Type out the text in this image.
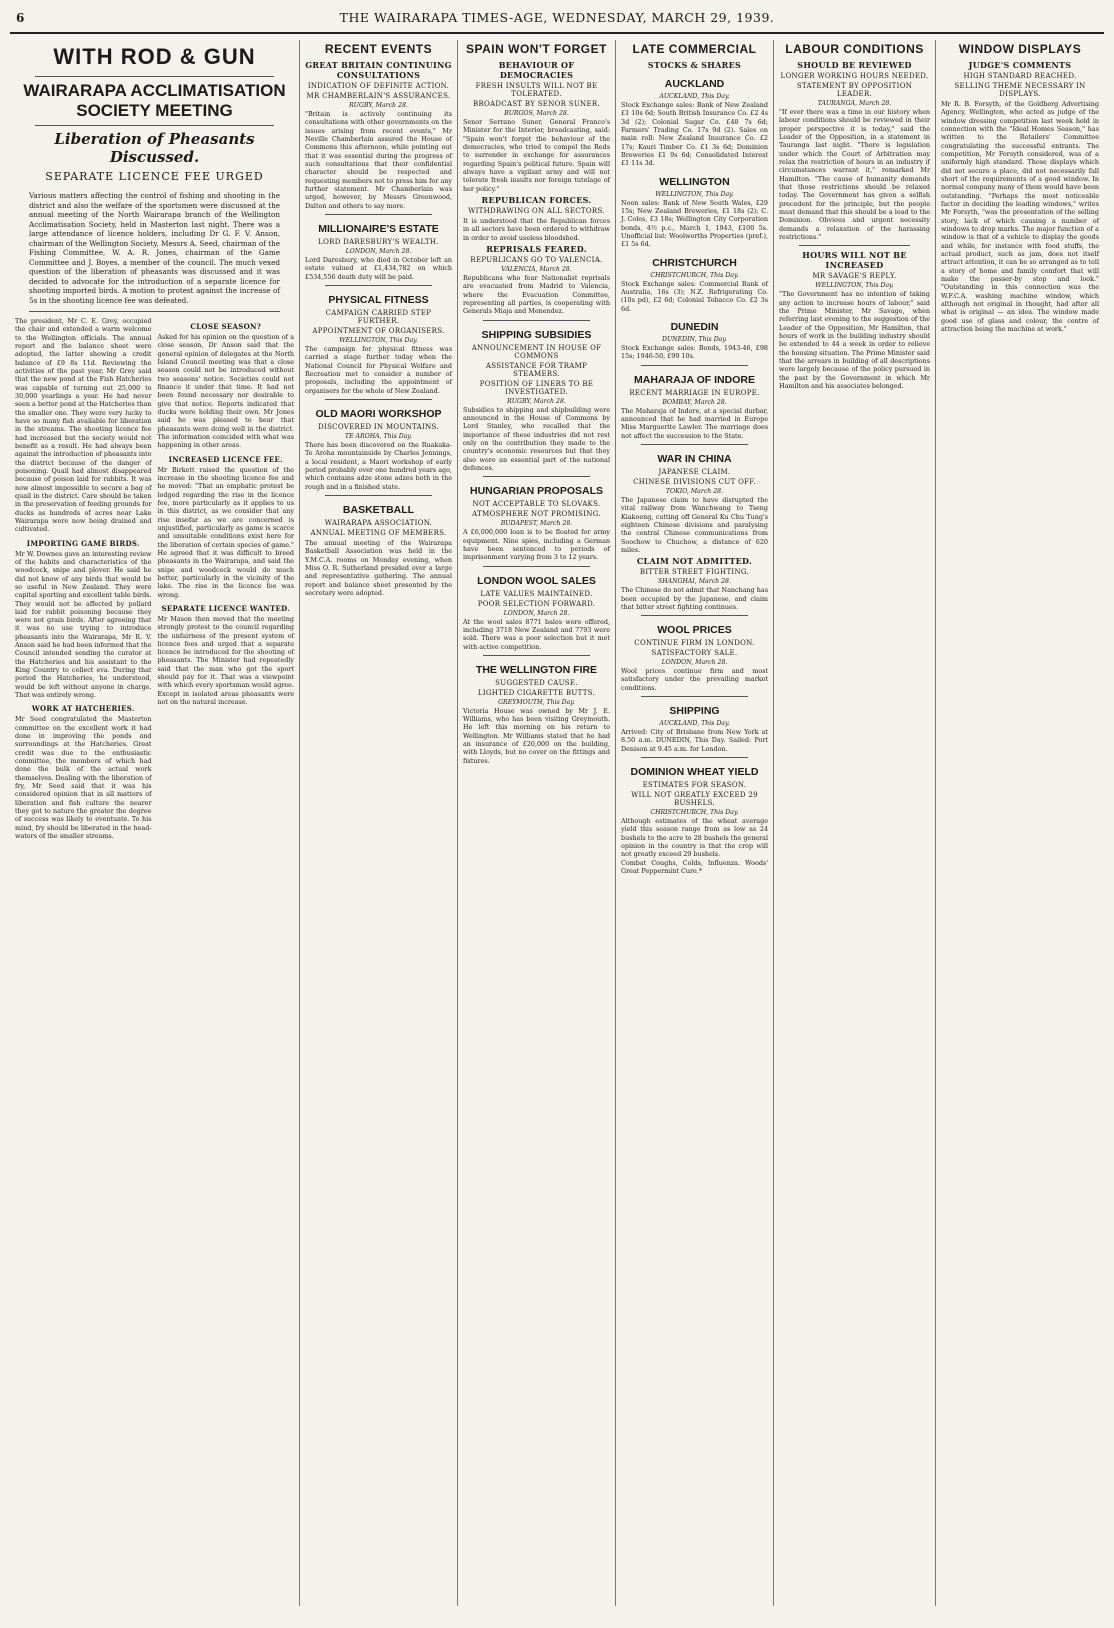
6	THE WAIRARAPA TIMES-AGE, WEDNESDAY, MARCH 29, 1939.
WITH ROD & GUN
WAIRARAPA ACCLIMATISATION SOCIETY MEETING
Liberation of Pheasants Discussed.
SEPARATE LICENCE FEE URGED

Various matters affecting the control of fishing and shooting in the district and also the welfare of the sportsmen were discussed at the annual meeting of the North Wairarapa branch of the Wellington Acclimatisation Society, held in Masterton last night. There was a large attendance of licence holders, including Dr G. F. V. Anson, chairman of the Wellington Society, Messrs A. Seed, chairman of the Fishing Committee, W. A. R. Jones, chairman of the Game Committee and J. Boyes, a member of the council. The much vexed question of the liberation of pheasants was discussed and it was decided to advocate for the introduction of a separate licence for shooting imported birds. A motion to protest against the increase of 5s in the shooting licence fee was defeated.

The president, Mr C. E. Grey, occupied the chair and extended a warm welcome to the Wellington officials. The annual report and the balance sheet were adopted, the latter showing a credit balance of £9 8s 11d. Reviewing the activities of the past year, Mr Grey said that the new pond at the Fish Hatcheries was capable of turning out 25,000 to 30,000 yearlings a year. He had never seen a better pond at the Hatcheries than the smaller one. They were very lucky to have so many fish available for liberation in the streams. The shooting licence fee had increased but the society would not benefit as a result. He had always been against the introduction of pheasants into the district because of the danger of poisoning. Quail had almost disappeared because of poison laid for rabbits. It was now almost impossible to secure a bag of quail in the district. Care should be taken in the preservation of feeding grounds for ducks as hundreds of acres near Lake Wairarapa were now being drained and cultivated.

IMPORTING GAME BIRDS.

Mr W. Downes gave an interesting review of the habits and characteristics of the woodcock, snipe and plover. He said he did not know of any birds that would be so useful in New Zealand. They were capital sporting and excellent table birds. They would not be affected by pollard laid for rabbit poisoning because they were not grain birds. After agreeing that it was no use trying to introduce pheasants into the Wairarapa, Mr R. V. Anson said he had been informed that the Council intended sending the curator at the Hatcheries and his assistant to the King Country to collect eva. During that period the Hatcheries, he understood, would be left without anyone in charge. That was entirely wrong.

WORK AT HATCHERIES.

Mr Seed congratulated the Masterton committee on the excellent work it had done in improving the ponds and surroundings at the Hatcheries. Great credit was due to the enthusiastic committee, the members of which had done the bulk of the actual work themselves. Dealing with the liberation of fry, Mr Seed said that it was his considered opinion that in all matters of liberation and fish culture the nearer they got to nature the greater the degree of success was likely to eventuate. To his mind, fry should be liberated in the head-waters of the smaller streams.

CLOSE SEASON?

Asked for his opinion on the question of a close season, Dr Anson said that the general opinion of delegates at the North Island Council meeting was that a close season could not be introduced without two seasons' notice. Societies could not finance it under that time. It had not been found necessary nor desirable to give that notice. Reports indicated that ducks were holding their own. Mr Jones said he was pleased to hear that pheasants were doing well in the district. The information coincided with what was happening in other areas.

INCREASED LICENCE FEE.

Mr Birkett raised the question of the increase in the shooting licence fee and he moved: "That an emphatic protest be lodged regarding the rise in the licence fee, more particularly as it applies to us in this district, as we consider that any rise insofar as we are concerned is unjustified, particularly as game is scarce and unsuitable conditions exist here for the liberation of certain species of game." He agreed that it was difficult to breed pheasants in the Wairarapa, and said the snipe and woodcock would do much better, particularly in the vicinity of the lake. The rise in the licence fee was wrong.

SEPARATE LICENCE WANTED.

Mr Mason then moved that the meeting strongly protest to the council regarding the unfairness of the present system of licence fees and urged that a separate licence be introduced for the shooting of pheasants. The Minister had repeatedly said that the man who got the sport should pay for it. That was a viewpoint with which every sportsman would agree. Except in isolated areas pheasants were not on the natural increase.

RECENT EVENTS
GREAT BRITAIN CONTINUING CONSULTATIONS
INDICATION OF DEFINITE ACTION.
MR CHAMBERLAIN'S ASSURANCES.
RUGBY, March 28.

"Britain is actively continuing its consultations with other governments on the issues arising from recent events," Mr Neville Chamberlain assured the House of Commons this afternoon, while pointing out that it was essential during the progress of such consultations that their confidential character should be respected and requesting members not to press him for any further statement. Mr Chamberlain was urged, however, by Messrs Greenwood, Dalton and others to say more.

MILLIONAIRE'S ESTATE
LORD DARESBURY'S WEALTH.
LONDON, March 28.

Lord Daresbury, who died in October left an estate valued at £1,434,782 on which £534,556 death duty will be paid.

PHYSICAL FITNESS
CAMPAIGN CARRIED STEP FURTHER.
APPOINTMENT OF ORGANISERS.
WELLINGTON, This Day.

The campaign for physical fitness was carried a stage further today when the National Council for Physical Welfare and Recreation met to consider a number of proposals, including the appointment of organisers for the whole of New Zealand.

OLD MAORI WORKSHOP
DISCOVERED IN MOUNTAINS.
TE AROHA, This Day.

There has been discovered on the Ruakaka-Te Aroha mountainside by Charles Jennings, a local resident, a Maori workshop of early period probably over one hundred years ago, which contains adze stone adzes both in the rough and in a finished state.

BASKETBALL
WAIRARAPA ASSOCIATION.
ANNUAL MEETING OF MEMBERS.

The annual meeting of the Wairarapa Basketball Association was held in the Y.M.C.A. rooms on Monday evening, when Miss O. R. Sutherland presided over a large and representative gathering. The annual report and balance sheet presented by the secretary were adopted.

SPAIN WON'T FORGET
BEHAVIOUR OF DEMOCRACIES
FRESH INSULTS WILL NOT BE TOLERATED.
BROADCAST BY SENOR SUNER.
BURGOS, March 28.

Senor Serrano Suner, General Franco's Minister for the Interior, broadcasting, said: "Spain won't forget the behaviour of the democracies, who tried to compel the Reds to surrender in exchange for assurances regarding Spain's political future. Spain will always have a vigilant army and will not tolerate fresh insults nor foreign tutelage of her policy."

REPUBLICAN FORCES.
WITHDRAWING ON ALL SECTORS.

It is understood that the Republican forces in all sectors have been ordered to withdraw in order to avoid useless bloodshed.

REPRISALS FEARED.
REPUBLICANS GO TO VALENCIA.
VALENCIA, March 28.

Republicans who fear Nationalist reprisals are evacuated from Madrid to Valencia, where the Evacuation Committee, representing all parties, is cooperating with Generals Miaja and Menendez.

SHIPPING SUBSIDIES
ANNOUNCEMENT IN HOUSE OF COMMONS
ASSISTANCE FOR TRAMP STEAMERS.
POSITION OF LINERS TO BE INVESTIGATED.
RUGBY, March 28.

Subsidies to shipping and shipbuilding were announced in the House of Commons by Lord Stanley, who recalled that the importance of these industries did not rest only on the contribution they made to the country's economic resources but that they also were an essential part of the national defences.

HUNGARIAN PROPOSALS
NOT ACCEPTABLE TO SLOVAKS.
ATMOSPHERE NOT PROMISING.
BUDAPEST, March 28.

A £6,000,000 loan is to be floated for army equipment. Nine spies, including a German have been sentenced to periods of imprisonment varying from 3 to 12 years.

LONDON WOOL SALES
LATE VALUES MAINTAINED.
POOR SELECTION FORWARD.
LONDON, March 28.

At the wool sales 8771 bales were offered, including 3718 New Zealand and 7793 were sold. There was a poor selection but it met with active competition.

THE WELLINGTON FIRE
SUGGESTED CAUSE.
LIGHTED CIGARETTE BUTTS.
GREYMOUTH, This Day.

Victoria House was owned by Mr J. E. Williams, who has been visiting Greymouth. He left this morning on his return to Wellington. Mr Williams stated that he had an insurance of £20,000 on the building, with Lloyds, but no cover on the fittings and fixtures.

LATE COMMERCIAL
STOCKS & SHARES
AUCKLAND
AUCKLAND, This Day.

Stock Exchange sales: Bank of New Zealand £1 10s 6d; South British Insurance Co. £2 4s 3d (2); Colonial Sugar Co. £48 7s 6d; Farmers' Trading Co. 17s 9d (2). Sales on main roll: New Zealand Insurance Co. £2 17s; Kauri Timber Co. £1 3s 6d; Dominion Breweries £1 9s 6d; Consolidated Interest £1 11s 3d.

WELLINGTON
WELLINGTON, This Day.

Noon sales: Bank of New South Wales, £29 15s; New Zealand Breweries, £1 18s (2); C. J. Coles, £3 18s; Wellington City Corporation bonds, 4½ p.c., March 1, 1943, £100 5s. Unofficial list: Woolworths Properties (pref.), £1 5s 6d.

CHRISTCHURCH
CHRISTCHURCH, This Day.

Stock Exchange sales: Commercial Bank of Australia, 16s (3); N.Z. Refrigerating Co. (10s pd), £2 6d; Colonial Tobacco Co. £2 3s 6d.

DUNEDIN
DUNEDIN, This Day.

Stock Exchange sales: Bonds, 1943-46, £98 15s; 1946-50, £99 10s.

MAHARAJA OF INDORE
RECENT MARRIAGE IN EUROPE.
BOMBAY, March 28.

The Maharaja of Indore, at a special durbar, announced that he had married in Europe Miss Marguerite Lawler. The marriage does not affect the succession to the State.

WAR IN CHINA
JAPANESE CLAIM.
CHINESE DIVISIONS CUT OFF.
TOKIO, March 28.

The Japanese claim to have disrupted the vital railway from Wanchwang to Tseng Kiakoeng, cutting off General Ku Chu Tung's eighteen Chinese divisions and paralysing the central Chinese communications from Soochow to Chuchow, a distance of 620 miles.

CLAIM NOT ADMITTED.
BITTER STREET FIGHTING.
SHANGHAI, March 28.

The Chinese do not admit that Nanchang has been occupied by the Japanese, and claim that bitter street fighting continues.

WOOL PRICES
CONTINUE FIRM IN LONDON.
SATISFACTORY SALE.
LONDON, March 28.

Wool prices continue firm and most satisfactory under the prevailing market conditions.

SHIPPING
AUCKLAND, This Day.

Arrived: City of Brisbane from New York at 8.50 a.m. DUNEDIN, This Day. Sailed: Port Denison at 9.45 a.m. for London.

DOMINION WHEAT YIELD
ESTIMATES FOR SEASON.
WILL NOT GREATLY EXCEED 29 BUSHELS.
CHRISTCHURCH, This Day.

Although estimates of the wheat average yield this season range from as low as 24 bushels to the acre to 28 bushels the general opinion in the country is that the crop will not greatly exceed 29 bushels.

Combat Coughs, Colds, Influenza. Woods' Great Peppermint Cure.*

LABOUR CONDITIONS
SHOULD BE REVIEWED
LONGER WORKING HOURS NEEDED.
STATEMENT BY OPPOSITION LEADER.
TAURANGA, March 28.

"If ever there was a time in our history when labour conditions should be reviewed in their proper perspective it is today," said the Leader of the Opposition, in a statement in Tauranga last night. "There is legislation under which the Court of Arbitration may relax the restriction of hours in an industry if circumstances warrant it," remarked Mr Hamilton. "The cause of humanity demands that those restrictions should be relaxed today. The Government has given a selfish precedent for the principle, but the people must demand that this should be a lead to the Dominion. Obvious and urgent necessity demands a relaxation of the harassing restrictions."

HOURS WILL NOT BE INCREASED
MR SAVAGE'S REPLY.
WELLINGTON, This Day.

"The Government has no intention of taking any action to increase hours of labour," said the Prime Minister, Mr Savage, when referring last evening to the suggestion of the Leader of the Opposition, Mr Hamilton, that hours of work in the building industry should be extended to 44 a week in order to relieve the housing situation. The Prime Minister said that the arrears in building of all descriptions were largely because of the policy pursued in the past by the Government in which Mr Hamilton and his associates belonged.

WINDOW DISPLAYS
JUDGE'S COMMENTS
HIGH STANDARD REACHED.
SELLING THEME NECESSARY IN DISPLAYS.

Mr R. B. Forsyth, of the Goldberg Advertising Agency, Wellington, who acted as judge of the window dressing competition last week held in connection with the "Ideal Homes Season," has written to the Retailers' Committee congratulating the successful entrants. The competition, Mr Forsyth considered, was of a uniformly high standard. Those displays which did not secure a place, did not necessarily fall short of the requirements of a good window. In normal company many of them would have been outstanding. "Perhaps the most noticeable factor in deciding the leading windows," writes Mr Forsyth, "was the presentation of the selling story, lack of which causing a number of windows to drop marks. The major function of a window is that of a vehicle to display the goods and while, for instance with food stuffs, the actual product, such as jam, does not itself attract attention, it can be so arranged as to tell a story of home and family comfort that will make the passer-by stop and look." "Outstanding in this connection was the W.F.C.A. washing machine window, which although not original in thought, had after all what is original — an idea. The window made good use of glass and colour, the centre of attraction being the machine at work."
